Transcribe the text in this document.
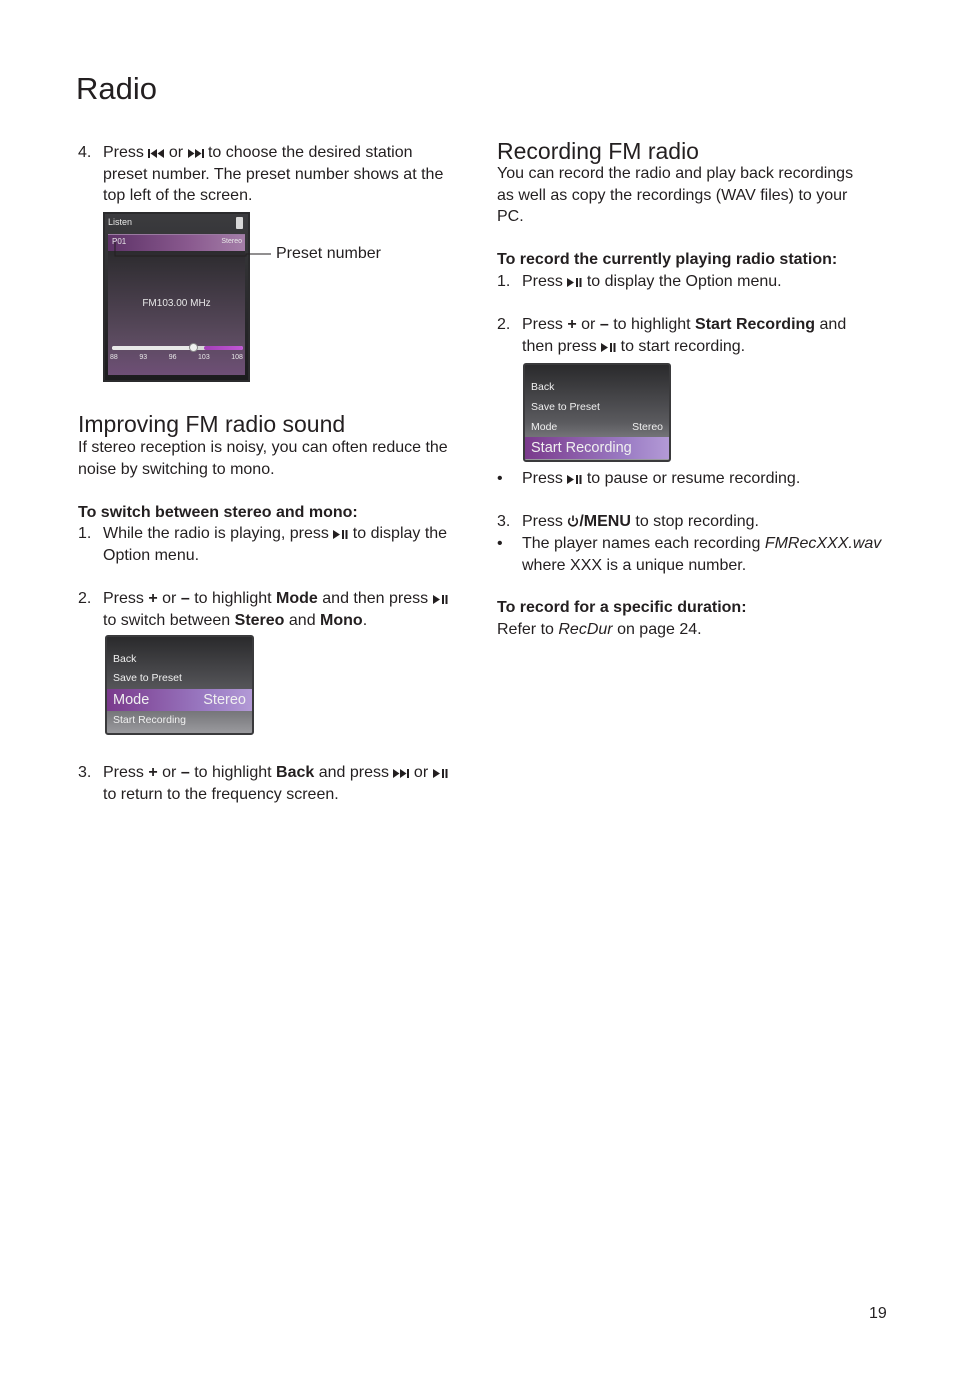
Radio
4. Press or to choose the desired station
preset number. The preset number shows at the
top left of the screen.
Listen
P01	Stereo
FM103.00 MHz
88	93	96	103	108
Preset number
Improving FM radio sound
If stereo reception is noisy, you can often reduce the
noise by switching to mono.
To switch between stereo and mono:
1. While the radio is playing, press to display the
Option menu.
2. Press + or – to highlight Mode and then press
to switch between Stereo and Mono.
Back
Save to Preset
Mode	Stereo
Start Recording
3. Press + or – to highlight Back and press or
to return to the frequency screen.
Recording FM radio
You can record the radio and play back recordings
as well as copy the recordings (WAV files) to your
PC.
To record the currently playing radio station:
1. Press to display the Option menu.
2. Press + or – to highlight Start Recording and
then press to start recording.
Back
Save to Preset
Mode	Stereo
Start Recording
• Press to pause or resume recording.
3. Press /MENU to stop recording.
• The player names each recording FMRecXXX.wav
where XXX is a unique number.
To record for a specific duration:
Refer to RecDur on page 24.
19
